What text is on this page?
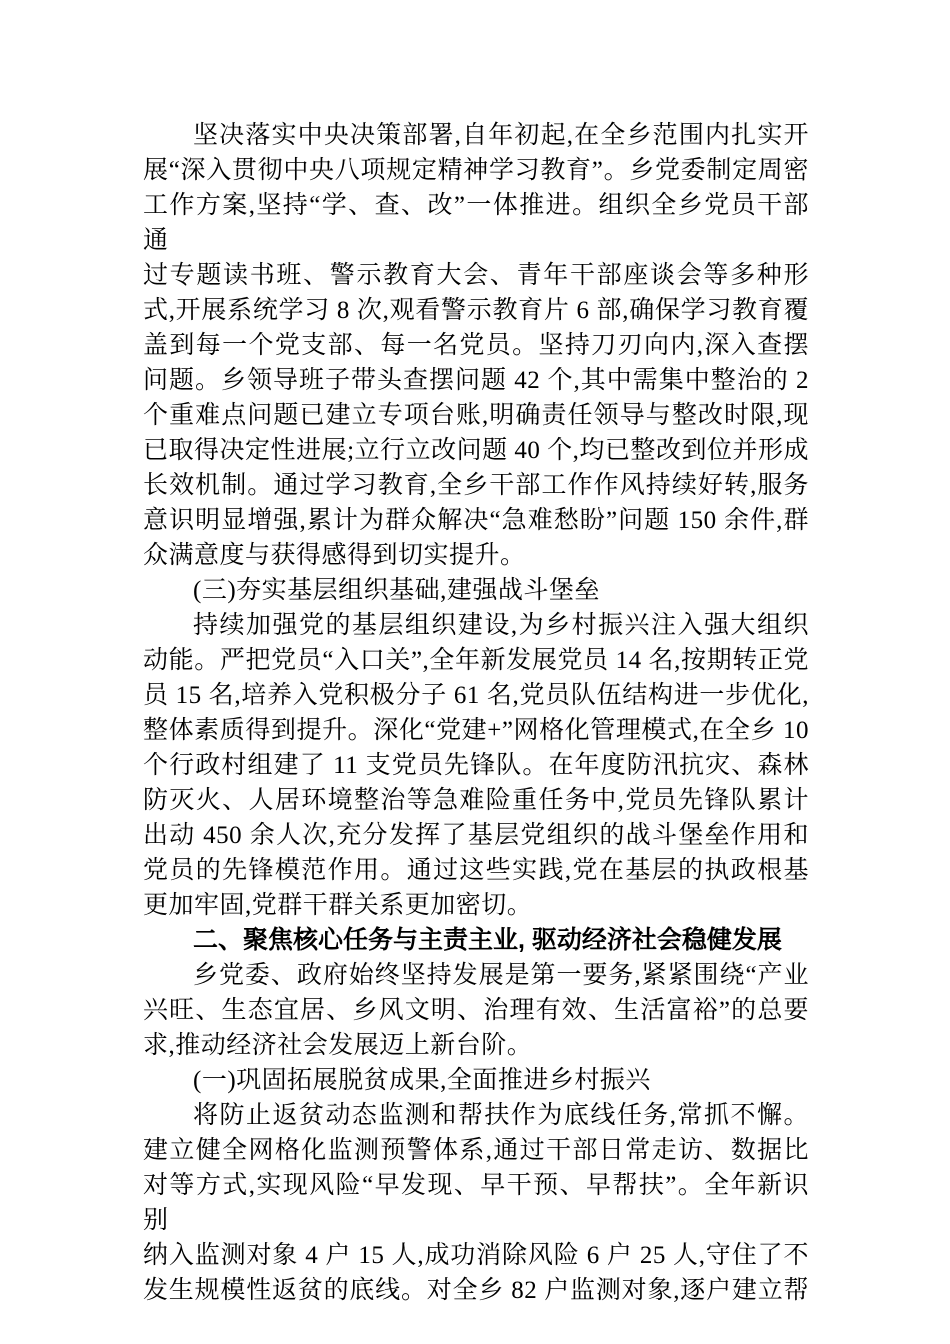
坚决落实中央决策部署,自年初起,在全乡范围内扎实开
展“深入贯彻中央八项规定精神学习教育”。乡党委制定周密
工作方案,坚持“学、查、改”一体推进。组织全乡党员干部通
过专题读书班、警示教育大会、青年干部座谈会等多种形
式,开展系统学习 8 次,观看警示教育片 6 部,确保学习教育覆
盖到每一个党支部、每一名党员。坚持刀刃向内,深入查摆
问题。乡领导班子带头查摆问题 42 个,其中需集中整治的 2
个重难点问题已建立专项台账,明确责任领导与整改时限,现
已取得决定性进展;立行立改问题 40 个,均已整改到位并形成
长效机制。通过学习教育,全乡干部工作作风持续好转,服务
意识明显增强,累计为群众解决“急难愁盼”问题 150 余件,群
众满意度与获得感得到切实提升。
(三)夯实基层组织基础,建强战斗堡垒
持续加强党的基层组织建设,为乡村振兴注入强大组织
动能。严把党员“入口关”,全年新发展党员 14 名,按期转正党
员 15 名,培养入党积极分子 61 名,党员队伍结构进一步优化,
整体素质得到提升。深化“党建+”网格化管理模式,在全乡 10
个行政村组建了 11 支党员先锋队。在年度防汛抗灾、森林
防灭火、人居环境整治等急难险重任务中,党员先锋队累计
出动 450 余人次,充分发挥了基层党组织的战斗堡垒作用和
党员的先锋模范作用。通过这些实践,党在基层的执政根基
更加牢固,党群干群关系更加密切。
二、聚焦核心任务与主责主业, 驱动经济社会稳健发展
乡党委、政府始终坚持发展是第一要务,紧紧围绕“产业
兴旺、生态宜居、乡风文明、治理有效、生活富裕”的总要
求,推动经济社会发展迈上新台阶。
(一)巩固拓展脱贫成果,全面推进乡村振兴
将防止返贫动态监测和帮扶作为底线任务,常抓不懈。
建立健全网格化监测预警体系,通过干部日常走访、数据比
对等方式,实现风险“早发现、早干预、早帮扶”。全年新识别
纳入监测对象 4 户 15 人,成功消除风险 6 户 25 人,守住了不
发生规模性返贫的底线。对全乡 82 户监测对象,逐户建立帮
